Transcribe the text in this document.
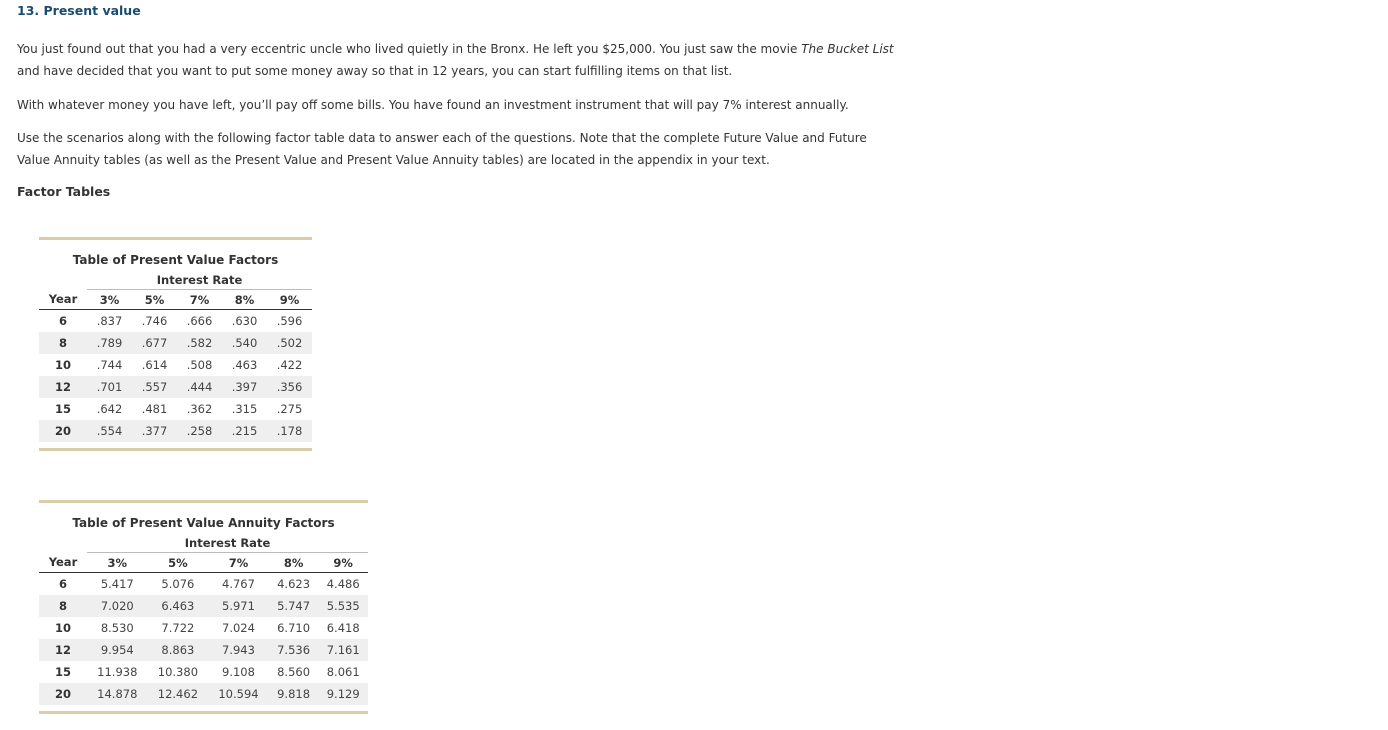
13. Present value
You just found out that you had a very eccentric uncle who lived quietly in the Bronx. He left you $25,000. You just saw the movie The Bucket List and have decided that you want to put some money away so that in 12 years, you can start fulfilling items on that list.
With whatever money you have left, you’ll pay off some bills. You have found an investment instrument that will pay 7% interest annually.
Use the scenarios along with the following factor table data to answer each of the questions. Note that the complete Future Value and Future Value Annuity tables (as well as the Present Value and Present Value Annuity tables) are located in the appendix in your text.
Factor Tables
Table of Present Value Factors
	Interest Rate				
Year	3%	5%	7%	8%	9%
6	.837	.746	.666	.630	.596
8	.789	.677	.582	.540	.502
10	.744	.614	.508	.463	.422
12	.701	.557	.444	.397	.356
15	.642	.481	.362	.315	.275
20	.554	.377	.258	.215	.178
Table of Present Value Annuity Factors
	Interest Rate				
Year	3%	5%	7%	8%	9%
6	5.417	5.076	4.767	4.623	4.486
8	7.020	6.463	5.971	5.747	5.535
10	8.530	7.722	7.024	6.710	6.418
12	9.954	8.863	7.943	7.536	7.161
15	11.938	10.380	9.108	8.560	8.061
20	14.878	12.462	10.594	9.818	9.129
